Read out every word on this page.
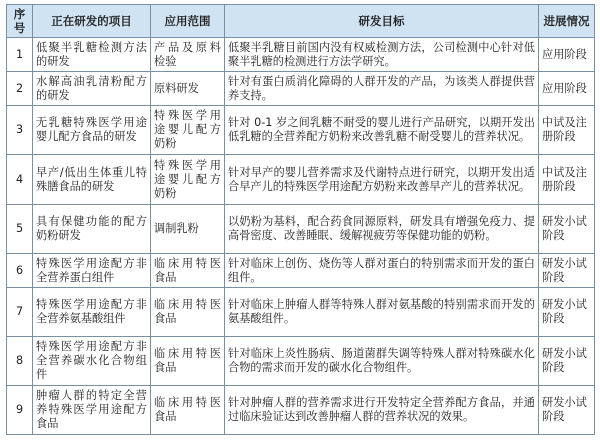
序号	正在研发的项目	应用范围	研发目标	进展情况
1	低聚半乳糖检测方法的研发	产品及原料检验	低聚半乳糖目前国内没有权威检测方法，公司检测中心针对低聚半乳糖的检测进行方法学研究。	应用阶段
2	水解高油乳清粉配方的研发	原料研发	针对有蛋白质消化障碍的人群开发的产品，为该类人群提供营养支持。	应用阶段
3	无乳糖特殊医学用途婴儿配方食品的研发	特殊医学用途婴儿配方奶粉	针对 0-1 岁之间乳糖不耐受的婴儿进行产品研究，以期开发出低乳糖的全营养配方奶粉来改善乳糖不耐受婴儿的营养状况。	中试及注册阶段
4	早产/低出生体重儿特殊膳食品的研发	特殊医学用途婴儿配方奶粉	针对早产的婴儿营养需求及代谢特点进行研究，以期开发出适合早产儿的特殊医学用途配方奶粉来改善早产儿的营养状况。	中试及注册阶段
5	具有保健功能的配方奶粉研发	调制乳粉	以奶粉为基料，配合药食同源原料，研发具有增强免疫力、提高骨密度、改善睡眠、缓解视疲劳等保健功能的奶粉。	研发小试阶段
6	特殊医学用途配方非全营养蛋白组件	临床用特医食品	针对临床上创伤、烧伤等人群对蛋白的特别需求而开发的蛋白组件。	研发小试阶段
7	特殊医学用途配方非全营养氨基酸组件	临床用特医食品	针对临床上肿瘤人群等特殊人群对氨基酸的特别需求而开发的氨基酸组件。	研发小试阶段
8	特殊医学用途配方非全营养碳水化合物组件	临床用特医食品	针对临床上炎性肠病、肠道菌群失调等特殊人群对特殊碳水化合物的需求而开发的碳水化合物组件。	研发小试阶段
9	肿瘤人群的特定全营养特殊医学用途配方食品	临床用特医食品	针对肿瘤人群的营养需求进行开发特定全营养配方食品，并通过临床验证达到改善肿瘤人群的营养状况的效果。	研发小试阶段
